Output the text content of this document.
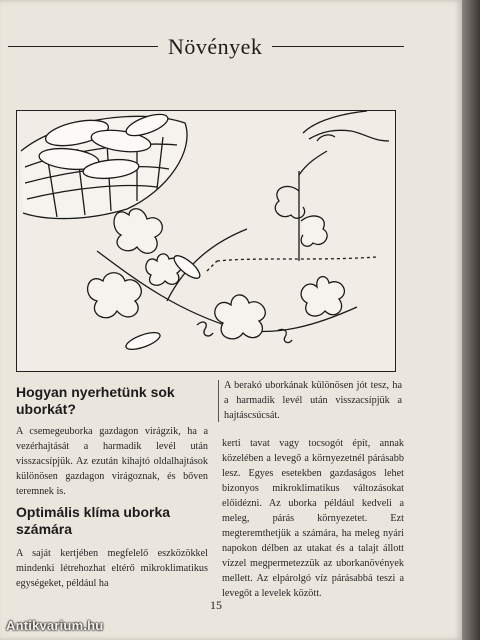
Növények
Hogyan nyerhetünk sok uborkát?

A csemegeuborka gazdagon virágzik, ha a vezérhajtását a harmadik levél után visszacsípjük. Az ezután kihajtó oldalhajtások különösen gazdagon virágoznak, és bőven teremnek is.

Optimális klíma uborka számára

A saját kertjében megfelelő eszközökkel mindenki létrehozhat eltérő mikroklimatikus egységeket, például ha

A berakó uborkának különösen jót tesz, ha a harmadik levél után visszacsípjük a hajtáscsúcsát.

kerti tavat vagy tocsogót épít, annak közelében a levegő a környezetnél párásabb lesz. Egyes esetekben gazdaságos lehet bizonyos mikroklimatikus változásokat előidézni. Az uborka például kedveli a meleg, párás környezetet. Ezt megteremthetjük a számára, ha meleg nyári napokon délben az utakat és a talajt állott vízzel megpermetezzük az uborkanövények mellett. Az elpárolgó víz párásabbá teszi a levegőt a levelek között.

15
Antikvarium.hu
